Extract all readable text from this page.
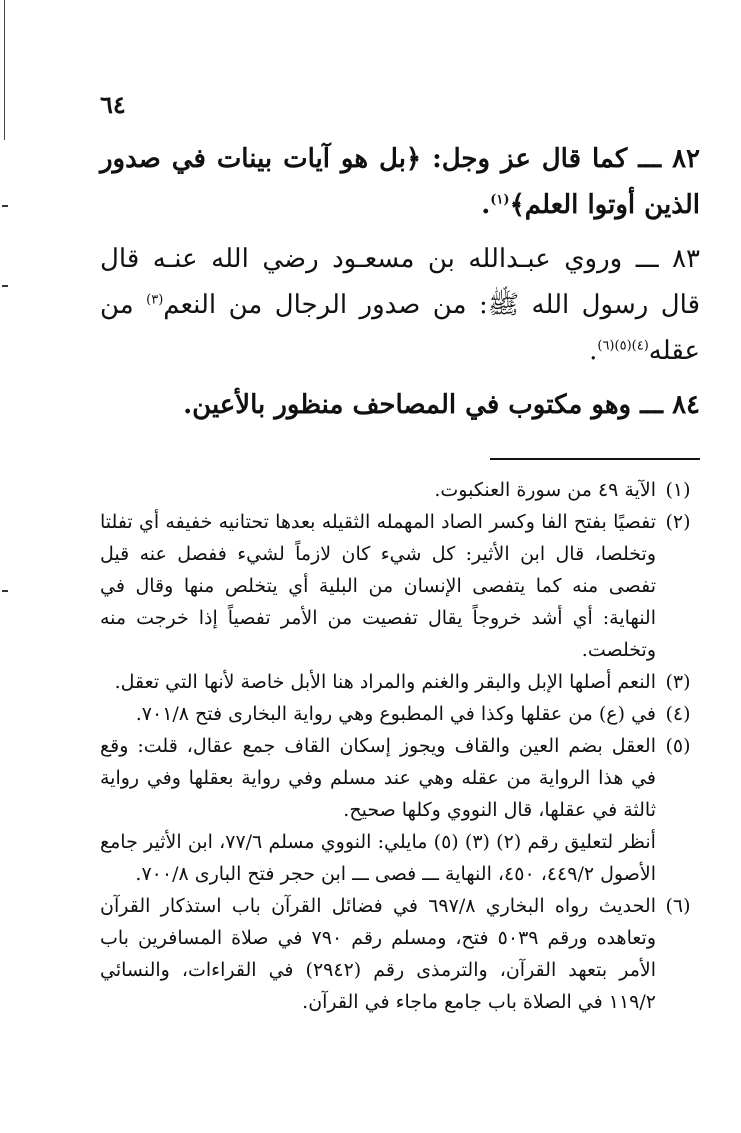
٦٤

٨٢ ـــ كما قال عز وجل: ﴿بل هو آيات بينات في صدور الذين أوتوا العلم﴾$^{(١)}$.

٨٣ ـــ وروي عبـدالله بن مسعـود رضي الله عنـه قال قال رسول الله ﷺ: من صدور الرجال من النعم$^{(٣)}$ من عقله$^{(٤)(٥)(٦)}$.

٨٤ ـــ وهو مكتوب في المصاحف منظور بالأعين.

(١)
الآية ٤٩ من سورة العنكبوت.
(٢)
تفصيًا بفتح الفا وكسر الصاد المهمله الثقيله بعدها تحتانيه خفيفه أي تفلتا وتخلصا، قال ابن الأثير: كل شيء كان لازماً لشيء ففصل عنه قيل تفصى منه كما يتفصى الإنسان من البلية أي يتخلص منها وقال في النهاية: أي أشد خروجاً يقال تفصيت من الأمر تفصياً إذا خرجت منه وتخلصت.
(٣)
النعم أصلها الإبل والبقر والغنم والمراد هنا الأبل خاصة لأنها التي تعقل.
(٤)
في (ع) من عقلها وكذا في المطبوع وهي رواية البخارى فتح ٧٠١/٨.
(٥)
العقل بضم العين والقاف ويجوز إسكان القاف جمع عقال، قلت: وقع في هذا الرواية من عقله وهي عند مسلم وفي رواية بعقلها وفي رواية ثالثة في عقلها، قال النووي وكلها صحيح.
أنظر لتعليق رقم (٢) (٣) (٥) مايلي: النووي مسلم ٧٧/٦، ابن الأثير جامع الأصول ٤٤٩/٢، ٤٥٠، النهاية ـــ فصى ـــ ابن حجر فتح البارى ٧٠٠/٨.
(٦)
الحديث رواه البخاري ٦٩٧/٨ في فضائل القرآن باب استذكار القرآن وتعاهده ورقم ٥٠٣٩ فتح، ومسلم رقم ٧٩٠ في صلاة المسافرين باب الأمر بتعهد القرآن، والترمذى رقم (٢٩٤٢) في القراءات، والنسائي ١١٩/٢ في الصلاة باب جامع ماجاء في القرآن.
